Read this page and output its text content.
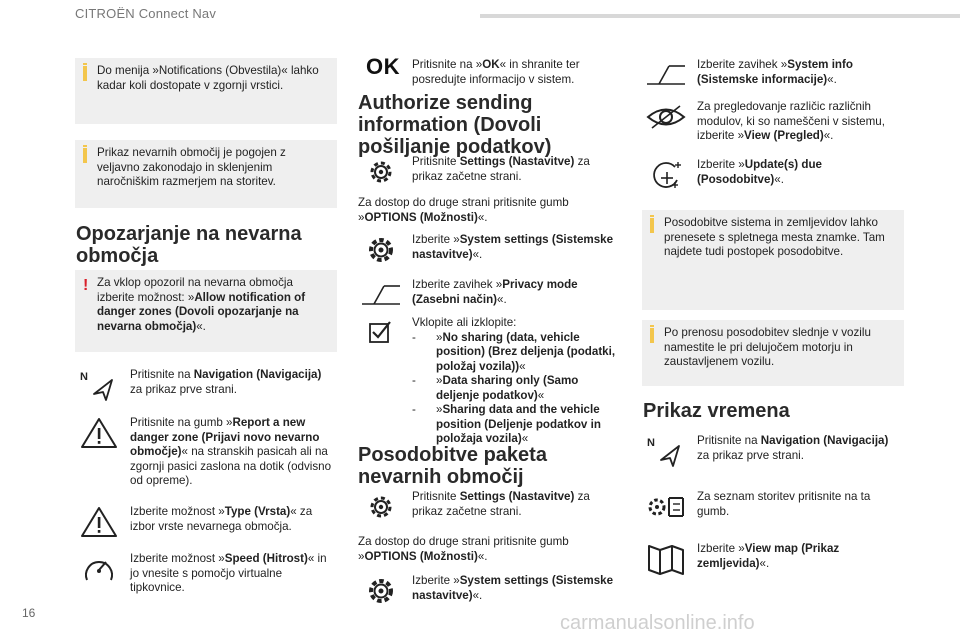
CITROËN Connect Nav
Do menija »Notifications (Obvestila)« lahko kadar koli dostopate v zgornji vrstici.
Prikaz nevarnih območij je pogojen z veljavno zakonodajo in sklenjenim naročniškim razmerjem na storitev.
Opozarjanje na nevarna območja
! Za vklop opozoril na nevarna območja izberite možnost: »Allow notification of danger zones (Dovoli opozarjanje na nevarna območja)«.
N	Pritisnite na Navigation (Navigacija) za prikaz prve strani.
Pritisnite na gumb »Report a new danger zone (Prijavi novo nevarno območje)« na stranskih pasicah ali na zgornji pasici zaslona na dotik (odvisno od opreme).
Izberite možnost »Type (Vrsta)« za izbor vrste nevarnega območja.
Izberite možnost »Speed (Hitrost)« in jo vnesite s pomočjo virtualne tipkovnice.
OK	Pritisnite na »OK« in shranite ter posredujte informacijo v sistem.
Authorize sending information (Dovoli pošiljanje podatkov)
Pritisnite Settings (Nastavitve) za prikaz začetne strani.
Za dostop do druge strani pritisnite gumb »OPTIONS (Možnosti)«.
Izberite »System settings (Sistemske nastavitve)«.
Izberite zavihek »Privacy mode (Zasebni način)«.
Vklopite ali izklopite:
- »No sharing (data, vehicle position) (Brez deljenja (podatki, položaj vozila))«
- »Data sharing only (Samo deljenje podatkov)«
- »Sharing data and the vehicle position (Deljenje podatkov in položaja vozila)«
Posodobitve paketa nevarnih območij
Pritisnite Settings (Nastavitve) za prikaz začetne strani.
Za dostop do druge strani pritisnite gumb »OPTIONS (Možnosti)«.
Izberite »System settings (Sistemske nastavitve)«.
Izberite zavihek »System info (Sistemske informacije)«.
Za pregledovanje različic različnih modulov, ki so nameščeni v sistemu, izberite »View (Pregled)«.
Izberite »Update(s) due (Posodobitve)«.
Posodobitve sistema in zemljevidov lahko prenesete s spletnega mesta znamke. Tam najdete tudi postopek posodobitve.
Po prenosu posodobitev slednje v vozilu namestite le pri delujočem motorju in zaustavljenem vozilu.
Prikaz vremena
N	Pritisnite na Navigation (Navigacija) za prikaz prve strani.
Za seznam storitev pritisnite na ta gumb.
Izberite »View map (Prikaz zemljevida)«.
16	carmanualsonline.info
